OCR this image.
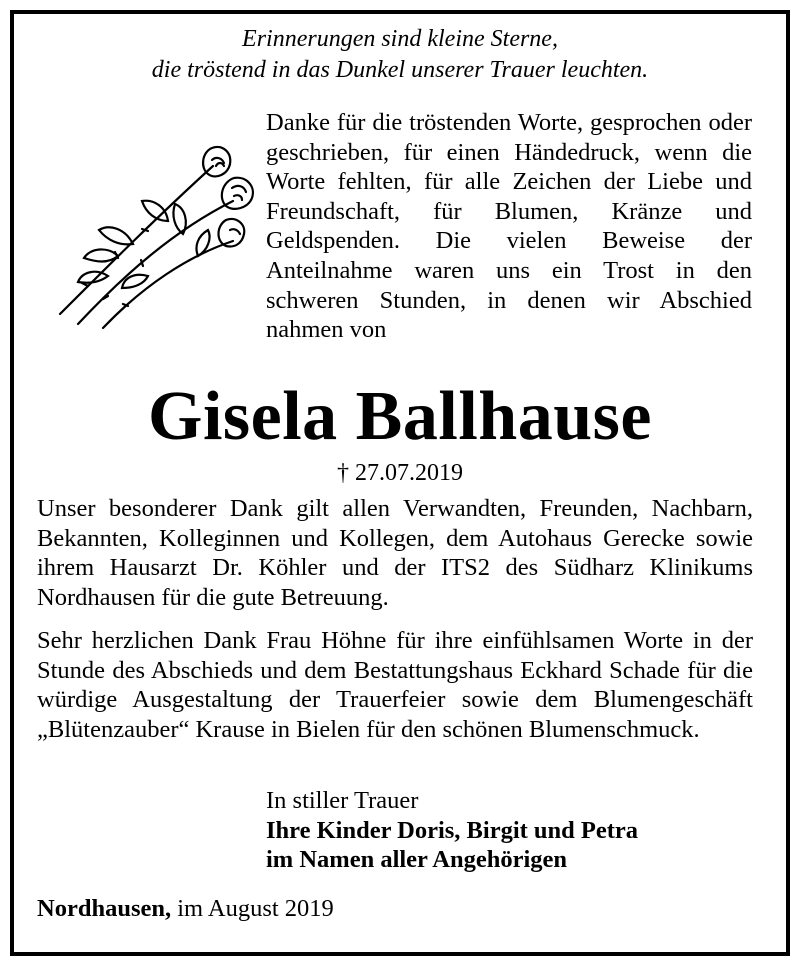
Erinnerungen sind kleine Sterne,
die tröstend in das Dunkel unserer Trauer leuchten.
Danke für die tröstenden Worte, gesprochen oder geschrieben, für einen Händedruck, wenn die Worte fehlten, für alle Zeichen der Liebe und Freundschaft, für Blumen, Kränze und Geldspenden. Die vielen Beweise der Anteilnahme waren uns ein Trost in den schweren Stunden, in denen wir Abschied nahmen von
Gisela Ballhause
† 27.07.2019
Unser besonderer Dank gilt allen Verwandten, Freunden, Nachbarn, Bekannten, Kolleginnen und Kollegen, dem Autohaus Gerecke sowie ihrem Hausarzt Dr. Köhler und der ITS2 des Südharz Klinikums Nordhausen für die gute Betreuung.
Sehr herzlichen Dank Frau Höhne für ihre einfühlsamen Worte in der Stunde des Abschieds und dem Bestattungshaus Eckhard Schade für die würdige Ausgestaltung der Trauerfeier sowie dem Blumengeschäft „Blütenzauber“ Krause in Bielen für den schönen Blumenschmuck.
In stiller Trauer
Ihre Kinder Doris, Birgit und Petra
im Namen aller Angehörigen
Nordhausen, im August 2019
